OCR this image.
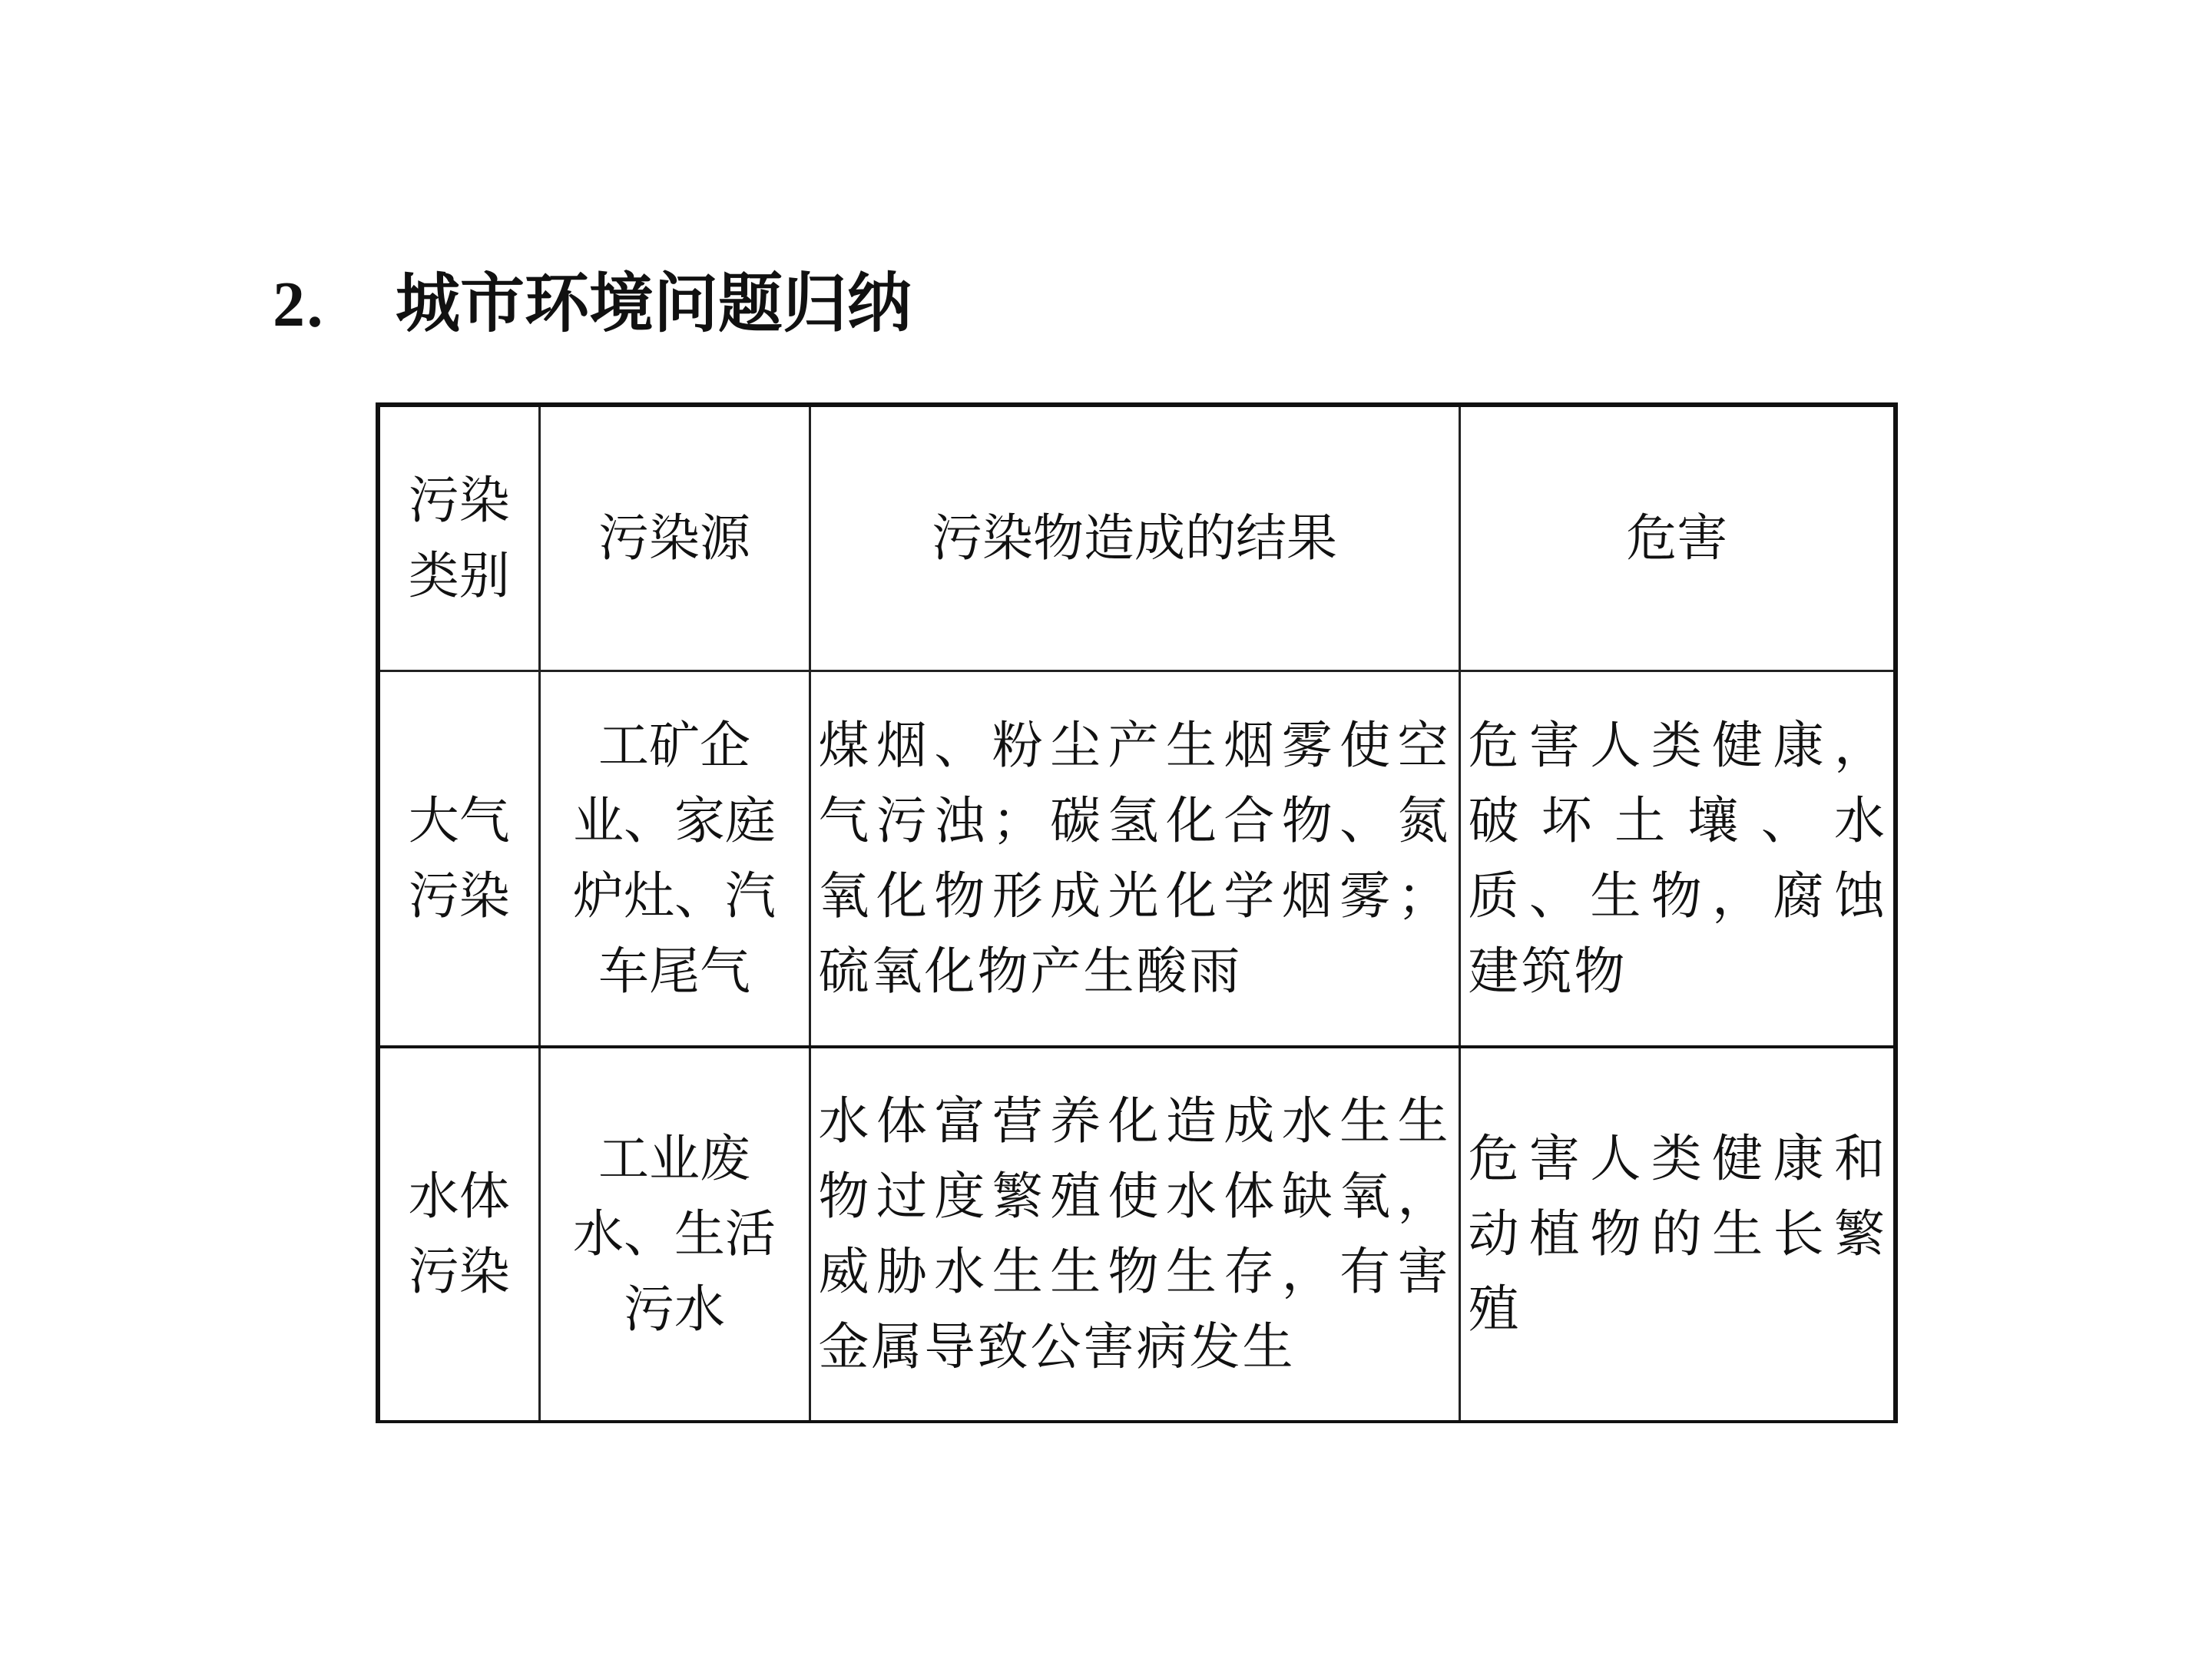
2． 城市环境问题归纳
污染类别	污染源	污染物造成的结果	危害
大气污染	工矿企业、家庭炉灶、汽车尾气	煤烟、粉尘产生烟雾使空气污浊；碳氢化合物、氮氧化物形成光化学烟雾；硫氧化物产生酸雨	危害人类健康，破坏土壤、水质、生物，腐蚀建筑物
水体污染	工业废水、生活污水	水体富营养化造成水生生物过度繁殖使水体缺氧，威胁水生生物生存，有害金属导致公害病发生	危害人类健康和动植物的生长繁殖
